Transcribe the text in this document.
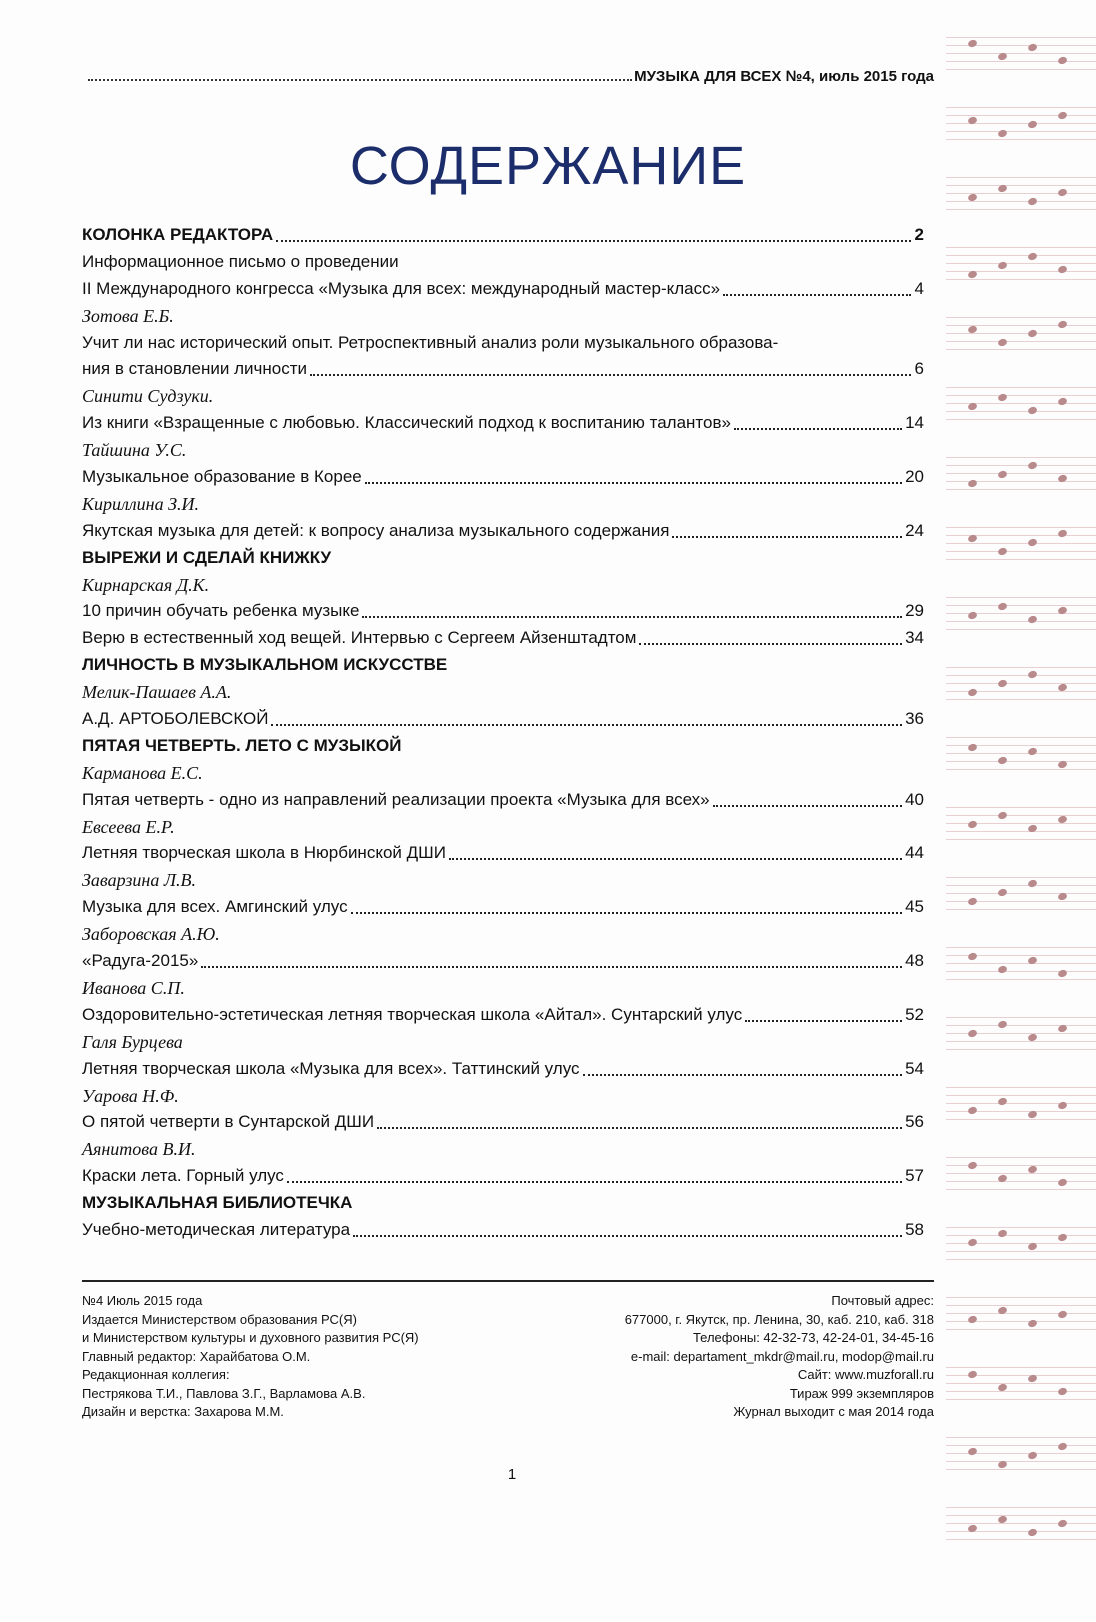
МУЗЫКА ДЛЯ ВСЕХ №4, июль 2015 года
СОДЕРЖАНИЕ
КОЛОНКА РЕДАКТОРА	2
Информационное письмо о проведении
II Международного конгресса «Музыка для всех: международный мастер-класс»	4
Зотова Е.Б.
Учит ли нас исторический опыт. Ретроспективный анализ роли музыкального образова-
ния в становлении личности	6
Синити Судзуки.
Из книги «Взращенные с любовью. Классический подход к воспитанию талантов»	14
Тайшина У.С.
Музыкальное образование в Корее	20
Кириллина З.И.
Якутская музыка для детей: к вопросу анализа музыкального содержания	24
ВЫРЕЖИ И СДЕЛАЙ КНИЖКУ
Кирнарская Д.К.
10 причин обучать ребенка музыке	29
Верю в естественный ход вещей. Интервью с Сергеем Айзенштадтом	34
ЛИЧНОСТЬ В МУЗЫКАЛЬНОМ ИСКУССТВЕ
Мелик-Пашаев А.А.
А.Д. АРТОБОЛЕВСКОЙ	36
ПЯТАЯ ЧЕТВЕРТЬ. ЛЕТО С МУЗЫКОЙ
Карманова Е.С.
Пятая четверть - одно из направлений реализации проекта «Музыка для всех»	40
Евсеева Е.Р.
Летняя творческая школа в Нюрбинской ДШИ	44
Заварзина Л.В.
Музыка для всех. Амгинский улус	45
Заборовская А.Ю.
«Радуга-2015»	48
Иванова С.П.
Оздоровительно-эстетическая летняя творческая школа «Айтал». Сунтарский улус	52
Галя Бурцева
Летняя творческая школа «Музыка для всех». Таттинский улус	54
Уарова Н.Ф.
О пятой четверти в Сунтарской ДШИ	56
Аянитова В.И.
Краски лета. Горный улус	57
МУЗЫКАЛЬНАЯ БИБЛИОТЕЧКА
Учебно-методическая литература	58
№4 Июль 2015 года
Издается Министерством образования РС(Я)
и Министерством культуры и духовного развития РС(Я)
Главный редактор: Харайбатова О.М.
Редакционная коллегия:
Пестрякова Т.И., Павлова З.Г., Варламова А.В.
Дизайн и верстка: Захарова М.М.
Почтовый адрес:
677000, г. Якутск, пр. Ленина, 30, каб. 210, каб. 318
Телефоны: 42-32-73, 42-24-01, 34-45-16
e-mail: departament_mkdr@mail.ru, modop@mail.ru
Сайт: www.muzforall.ru
Тираж 999 экземпляров
Журнал выходит с мая 2014 года
1
